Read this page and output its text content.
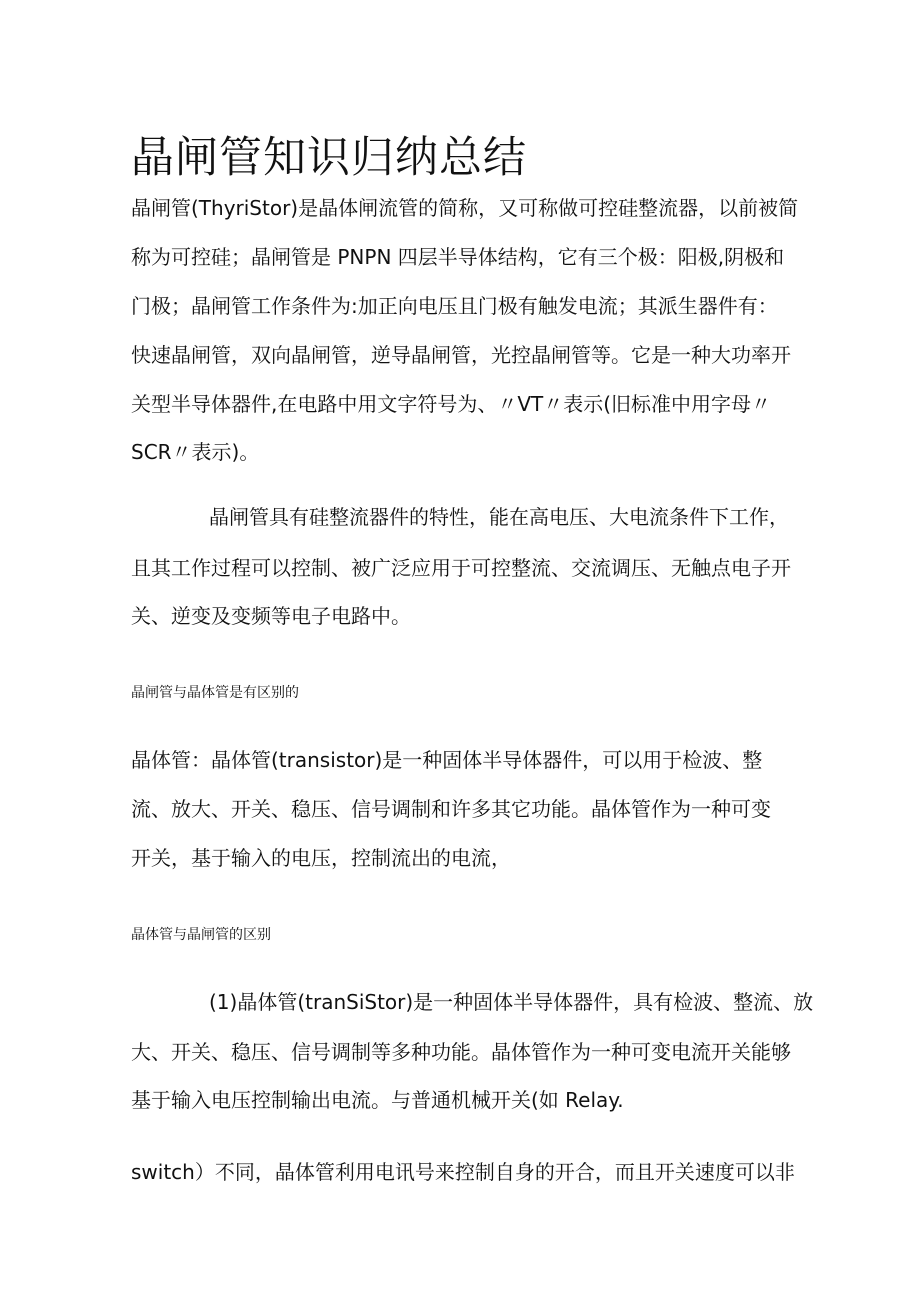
晶闸管知识归纳总结

晶闸管(ThyriStor)是晶体闸流管的简称，又可称做可控硅整流器，以前被简

称为可控硅；晶闸管是 PNPN 四层半导体结构，它有三个极：阳极,阴极和

门极；晶闸管工作条件为:加正向电压且门极有触发电流；其派生器件有：

快速晶闸管，双向晶闸管，逆导晶闸管，光控晶闸管等。它是一种大功率开

关型半导体器件,在电路中用文字符号为、〃VT〃表示(旧标准中用字母〃

SCR〃表示)。

晶闸管具有硅整流器件的特性，能在高电压、大电流条件下工作，

且其工作过程可以控制、被广泛应用于可控整流、交流调压、无触点电子开

关、逆变及变频等电子电路中。

晶闸管与晶体管是有区别的

晶体管：晶体管(transistor)是一种固体半导体器件，可以用于检波、整

流、放大、开关、稳压、信号调制和许多其它功能。晶体管作为一种可变

开关，基于输入的电压，控制流出的电流，

晶体管与晶闸管的区别

(1)晶体管(tranSiStor)是一种固体半导体器件，具有检波、整流、放

大、开关、稳压、信号调制等多种功能。晶体管作为一种可变电流开关能够

基于输入电压控制输出电流。与普通机械开关(如 Relay.

switch）不同，晶体管利用电讯号来控制自身的开合，而且开关速度可以非
